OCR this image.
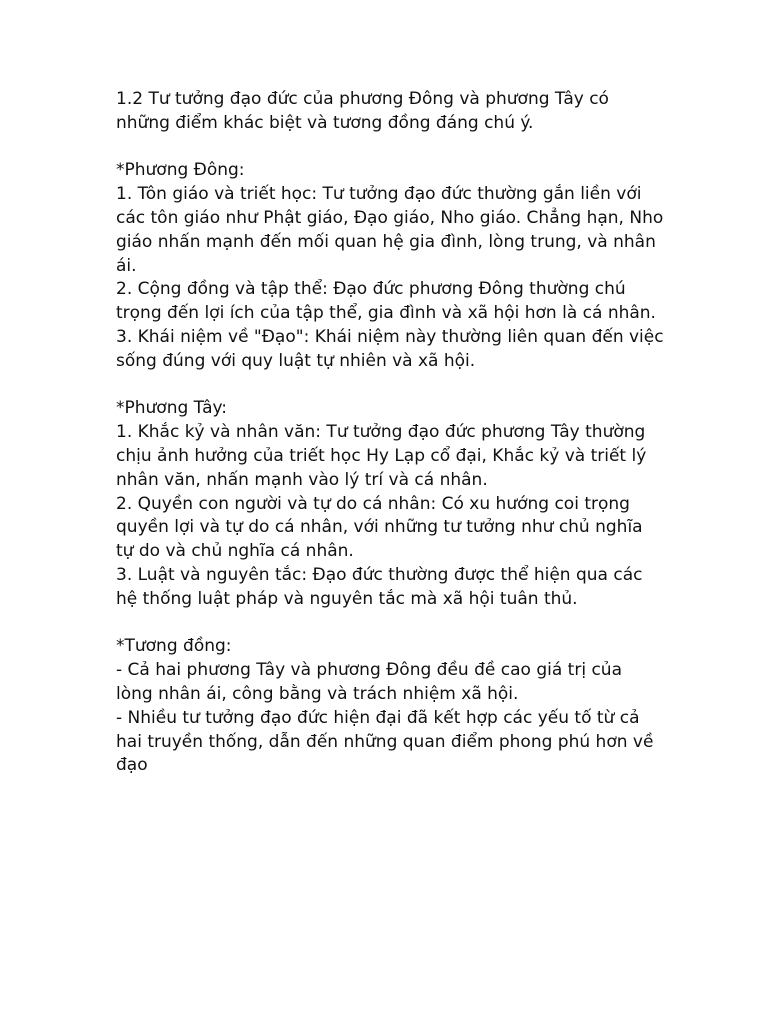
1.2 Tư tưởng đạo đức của phương Đông và phương Tây có
những điểm khác biệt và tương đồng đáng chú ý.
*Phương Đông:
1. Tôn giáo và triết học: Tư tưởng đạo đức thường gắn liền với
các tôn giáo như Phật giáo, Đạo giáo, Nho giáo. Chẳng hạn, Nho
giáo nhấn mạnh đến mối quan hệ gia đình, lòng trung, và nhân
ái.
2. Cộng đồng và tập thể: Đạo đức phương Đông thường chú
trọng đến lợi ích của tập thể, gia đình và xã hội hơn là cá nhân.
3. Khái niệm về "Đạo": Khái niệm này thường liên quan đến việc
sống đúng với quy luật tự nhiên và xã hội.
*Phương Tây:
1. Khắc kỷ và nhân văn: Tư tưởng đạo đức phương Tây thường
chịu ảnh hưởng của triết học Hy Lạp cổ đại, Khắc kỷ và triết lý
nhân văn, nhấn mạnh vào lý trí và cá nhân.
2. Quyền con người và tự do cá nhân: Có xu hướng coi trọng
quyền lợi và tự do cá nhân, với những tư tưởng như chủ nghĩa
tự do và chủ nghĩa cá nhân.
3. Luật và nguyên tắc: Đạo đức thường được thể hiện qua các
hệ thống luật pháp và nguyên tắc mà xã hội tuân thủ.
*Tương đồng:
- Cả hai phương Tây và phương Đông đều đề cao giá trị của
lòng nhân ái, công bằng và trách nhiệm xã hội.
- Nhiều tư tưởng đạo đức hiện đại đã kết hợp các yếu tố từ cả
hai truyền thống, dẫn đến những quan điểm phong phú hơn về
đạo
